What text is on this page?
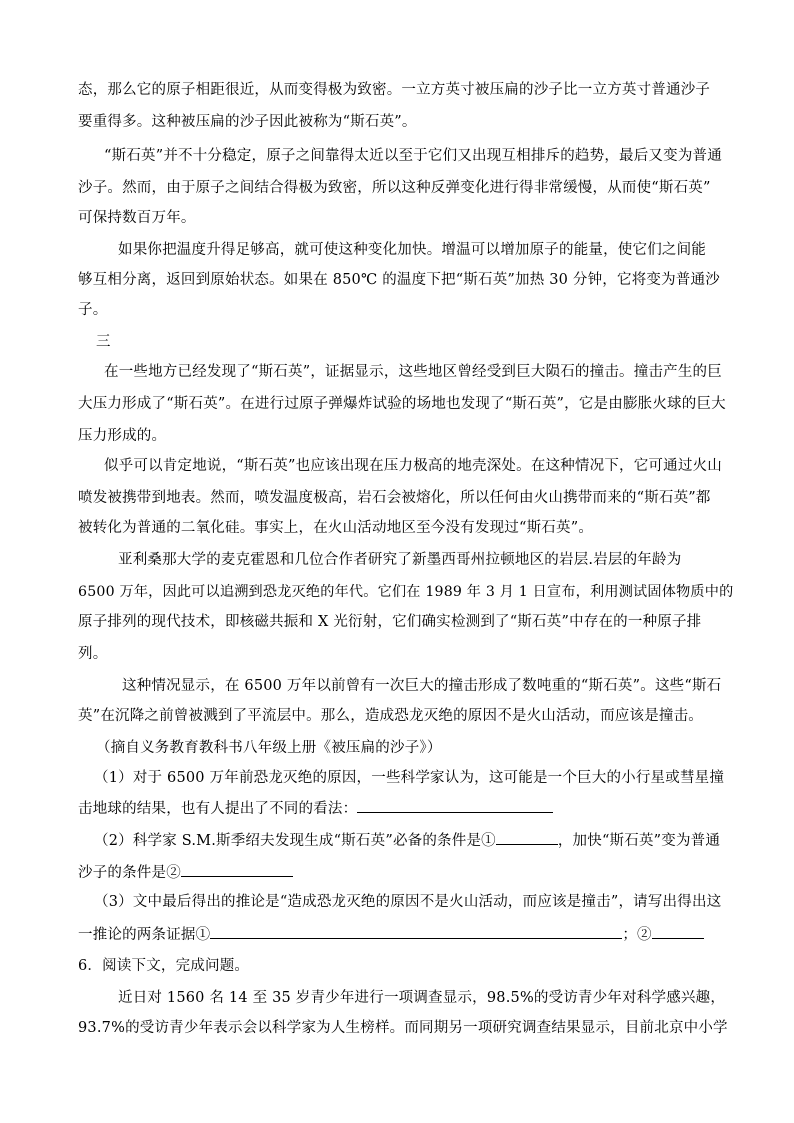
态，那么它的原子相距很近，从而变得极为致密。一立方英寸被压扁的沙子比一立方英寸普通沙子
要重得多。这种被压扁的沙子因此被称为“斯石英”。
“斯石英”并不十分稳定，原子之间靠得太近以至于它们又出现互相排斥的趋势，最后又变为普通
沙子。然而，由于原子之间结合得极为致密，所以这种反弹变化进行得非常缓慢，从而使“斯石英”
可保持数百万年。
如果你把温度升得足够高，就可使这种变化加快。增温可以增加原子的能量，使它们之间能
够互相分离，返回到原始状态。如果在 850℃ 的温度下把“斯石英”加热 30 分钟，它将变为普通沙
子。
三
在一些地方已经发现了“斯石英”，证据显示，这些地区曾经受到巨大陨石的撞击。撞击产生的巨
大压力形成了“斯石英”。在进行过原子弹爆炸试验的场地也发现了“斯石英”，它是由膨胀火球的巨大
压力形成的。
似乎可以肯定地说，“斯石英”也应该出现在压力极高的地壳深处。在这种情况下，它可通过火山
喷发被携带到地表。然而，喷发温度极高，岩石会被熔化，所以任何由火山携带而来的“斯石英”都
被转化为普通的二氧化硅。事实上，在火山活动地区至今没有发现过“斯石英”。
亚利桑那大学的麦克霍恩和几位合作者研究了新墨西哥州拉顿地区的岩层.岩层的年龄为
6500 万年，因此可以追溯到恐龙灭绝的年代。它们在 1989 年 3 月 1 日宣布，利用测试固体物质中的
原子排列的现代技术，即核磁共振和 X 光衍射，它们确实检测到了“斯石英”中存在的一种原子排
列。
这种情况显示，在 6500 万年以前曾有一次巨大的撞击形成了数吨重的“斯石英”。这些“斯石
英”在沉降之前曾被溅到了平流层中。那么，造成恐龙灭绝的原因不是火山活动，而应该是撞击。
（摘自义务教育教科书八年级上册《被压扁的沙子》）
（1）对于 6500 万年前恐龙灭绝的原因，一些科学家认为，这可能是一个巨大的小行星或彗星撞
击地球的结果，也有人提出了不同的看法：
（2）科学家 S.M.斯季绍夫发现生成“斯石英”必备的条件是①	，加快“斯石英”变为普通
沙子的条件是②
（3）文中最后得出的推论是“造成恐龙灭绝的原因不是火山活动，而应该是撞击”，请写出得出这
一推论的两条证据①	；②
6．阅读下文，完成问题。
近日对 1560 名 14 至 35 岁青少年进行一项调查显示，98.5%的受访青少年对科学感兴趣，
93.7%的受访青少年表示会以科学家为人生榜样。而同期另一项研究调查结果显示，目前北京中小学
